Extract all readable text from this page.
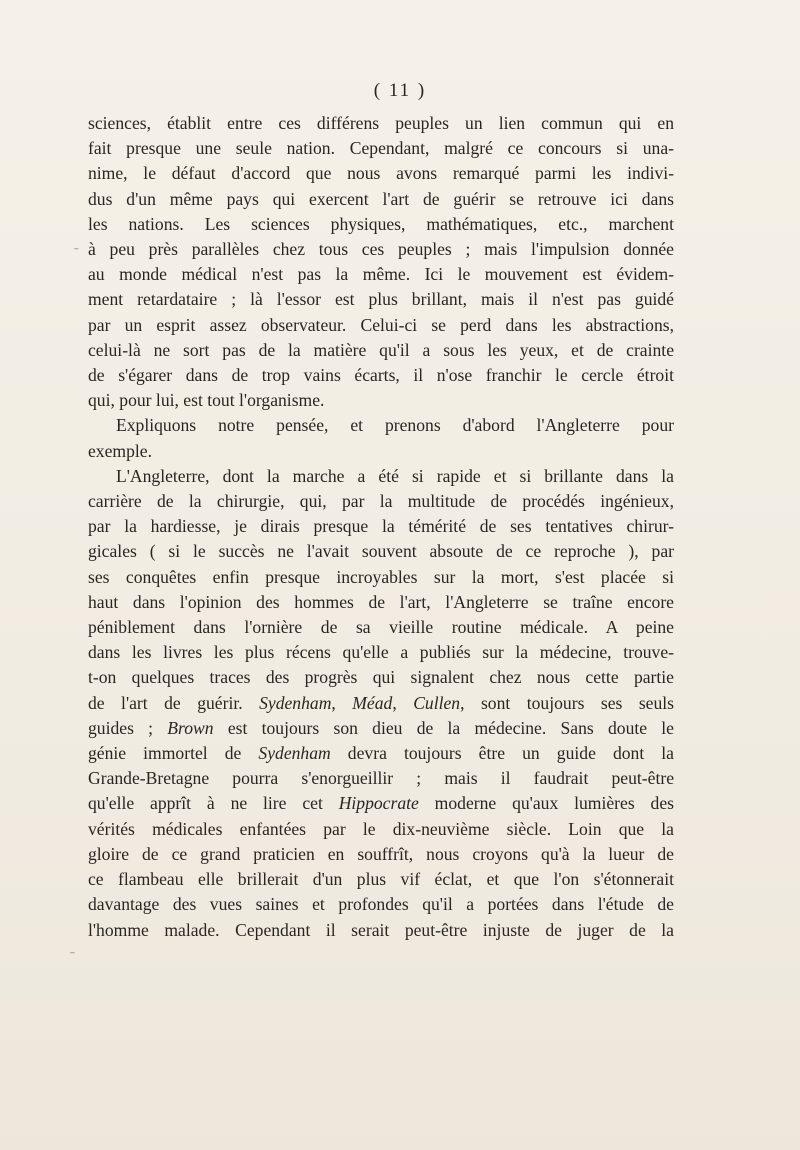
( 11 )
sciences, établit entre ces différens peuples un lien commun qui en
fait presque une seule nation. Cependant, malgré ce concours si una-
nime, le défaut d'accord que nous avons remarqué parmi les indivi-
dus d'un même pays qui exercent l'art de guérir se retrouve ici dans
les nations. Les sciences physiques, mathématiques, etc., marchent
à peu près parallèles chez tous ces peuples ; mais l'impulsion donnée
au monde médical n'est pas la même. Ici le mouvement est évidem-
ment retardataire ; là l'essor est plus brillant, mais il n'est pas guidé
par un esprit assez observateur. Celui-ci se perd dans les abstractions,
celui-là ne sort pas de la matière qu'il a sous les yeux, et de crainte
de s'égarer dans de trop vains écarts, il n'ose franchir le cercle étroit
qui, pour lui, est tout l'organisme.
Expliquons notre pensée, et prenons d'abord l'Angleterre pour
exemple.
L'Angleterre, dont la marche a été si rapide et si brillante dans la
carrière de la chirurgie, qui, par la multitude de procédés ingénieux,
par la hardiesse, je dirais presque la témérité de ses tentatives chirur-
gicales ( si le succès ne l'avait souvent absoute de ce reproche ), par
ses conquêtes enfin presque incroyables sur la mort, s'est placée si
haut dans l'opinion des hommes de l'art, l'Angleterre se traîne encore
péniblement dans l'ornière de sa vieille routine médicale. A peine
dans les livres les plus récens qu'elle a publiés sur la médecine, trouve-
t-on quelques traces des progrès qui signalent chez nous cette partie
de l'art de guérir. Sydenham, Méad, Cullen, sont toujours ses seuls
guides ; Brown est toujours son dieu de la médecine. Sans doute le
génie immortel de Sydenham devra toujours être un guide dont la
Grande-Bretagne pourra s'enorgueillir ; mais il faudrait peut-être
qu'elle apprît à ne lire cet Hippocrate moderne qu'aux lumières des
vérités médicales enfantées par le dix-neuvième siècle. Loin que la
gloire de ce grand praticien en souffrît, nous croyons qu'à la lueur de
ce flambeau elle brillerait d'un plus vif éclat, et que l'on s'étonnerait
davantage des vues saines et profondes qu'il a portées dans l'étude de
l'homme malade. Cependant il serait peut-être injuste de juger de la
ˉ
ˉ
